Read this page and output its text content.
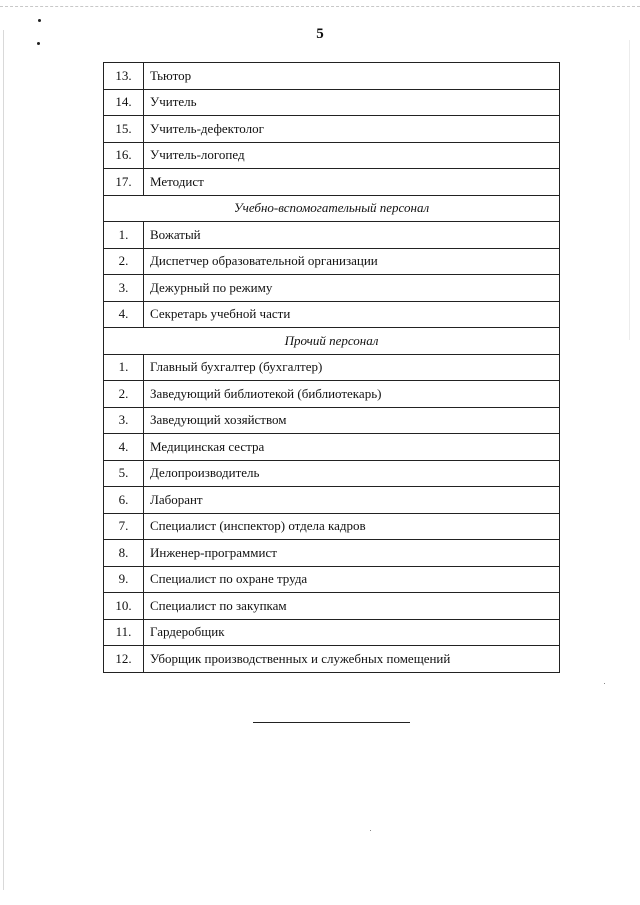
5
13.	Тьютор
14.	Учитель
15.	Учитель-дефектолог
16.	Учитель-логопед
17.	Методист
Учебно-вспомогательный персонал	
1.	Вожатый
2.	Диспетчер образовательной организации
3.	Дежурный по режиму
4.	Секретарь учебной части
Прочий персонал	
1.	Главный бухгалтер (бухгалтер)
2.	Заведующий библиотекой (библиотекарь)
3.	Заведующий хозяйством
4.	Медицинская сестра
5.	Делопроизводитель
6.	Лаборант
7.	Специалист (инспектор) отдела кадров
8.	Инженер-программист
9.	Специалист по охране труда
10.	Специалист по закупкам
11.	Гардеробщик
12.	Уборщик производственных и служебных помещений
